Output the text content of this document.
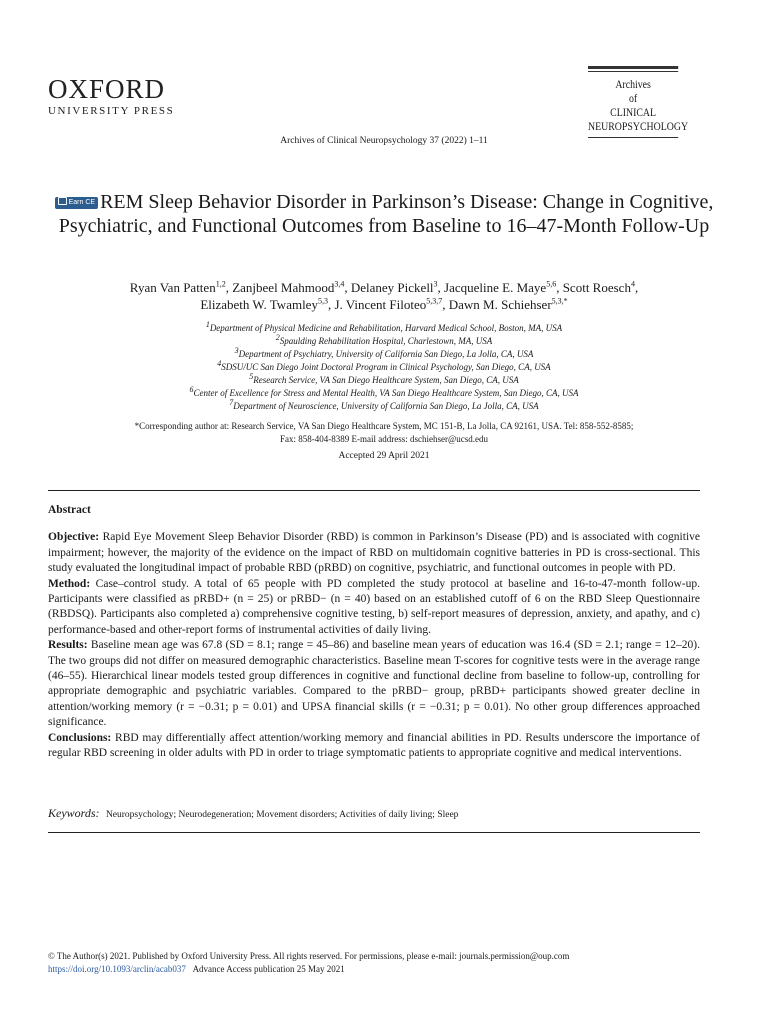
OXFORD
UNIVERSITY PRESS
Archives of Clinical Neuropsychology 37 (2022) 1–11
Archives
of
CLINICAL
NEUROPSYCHOLOGY
Earn CE REM Sleep Behavior Disorder in Parkinson’s Disease: Change in Cognitive, Psychiatric, and Functional Outcomes from Baseline to 16–47-Month Follow-Up
Ryan Van Patten$^{1,2}$, Zanjbeel Mahmood$^{3,4}$, Delaney Pickell$^3$, Jacqueline E. Maye$^{5,6}$, Scott Roesch$^4$,
Elizabeth W. Twamley$^{5,3}$, J. Vincent Filoteo$^{5,3,7}$, Dawn M. Schiehser$^{5,3,*}$
$^1$Department of Physical Medicine and Rehabilitation, Harvard Medical School, Boston, MA, USA
$^2$Spaulding Rehabilitation Hospital, Charlestown, MA, USA
$^3$Department of Psychiatry, University of California San Diego, La Jolla, CA, USA
$^4$SDSU/UC San Diego Joint Doctoral Program in Clinical Psychology, San Diego, CA, USA
$^5$Research Service, VA San Diego Healthcare System, San Diego, CA, USA
$^6$Center of Excellence for Stress and Mental Health, VA San Diego Healthcare System, San Diego, CA, USA
$^7$Department of Neuroscience, University of California San Diego, La Jolla, CA, USA
*Corresponding author at: Research Service, VA San Diego Healthcare System, MC 151-B, La Jolla, CA 92161, USA. Tel: 858-552-8585; Fax: 858-404-8389 E-mail address: dschiehser@ucsd.edu
Accepted 29 April 2021
Abstract

Objective: Rapid Eye Movement Sleep Behavior Disorder (RBD) is common in Parkinson’s Disease (PD) and is associated with cognitive impairment; however, the majority of the evidence on the impact of RBD on multidomain cognitive batteries in PD is cross-sectional. This study evaluated the longitudinal impact of probable RBD (pRBD) on cognitive, psychiatric, and functional outcomes in people with PD.

Method: Case–control study. A total of 65 people with PD completed the study protocol at baseline and 16-to-47-month follow-up. Participants were classified as pRBD+ (n = 25) or pRBD− (n = 40) based on an established cutoff of 6 on the RBD Sleep Questionnaire (RBDSQ). Participants also completed a) comprehensive cognitive testing, b) self-report measures of depression, anxiety, and apathy, and c) performance-based and other-report forms of instrumental activities of daily living.

Results: Baseline mean age was 67.8 (SD = 8.1; range = 45–86) and baseline mean years of education was 16.4 (SD = 2.1; range = 12–20). The two groups did not differ on measured demographic characteristics. Baseline mean T-scores for cognitive tests were in the average range (46–55). Hierarchical linear models tested group differences in cognitive and functional decline from baseline to follow-up, controlling for appropriate demographic and psychiatric variables. Compared to the pRBD− group, pRBD+ participants showed greater decline in attention/working memory (r = −0.31; p = 0.01) and UPSA financial skills (r = −0.31; p = 0.01). No other group differences approached significance.

Conclusions: RBD may differentially affect attention/working memory and financial abilities in PD. Results underscore the importance of regular RBD screening in older adults with PD in order to triage symptomatic patients to appropriate cognitive and medical interventions.

Keywords: Neuropsychology; Neurodegeneration; Movement disorders; Activities of daily living; Sleep
© The Author(s) 2021. Published by Oxford University Press. All rights reserved. For permissions, please e-mail: journals.permission@oup.com
https://doi.org/10.1093/arclin/acab037 Advance Access publication 25 May 2021
